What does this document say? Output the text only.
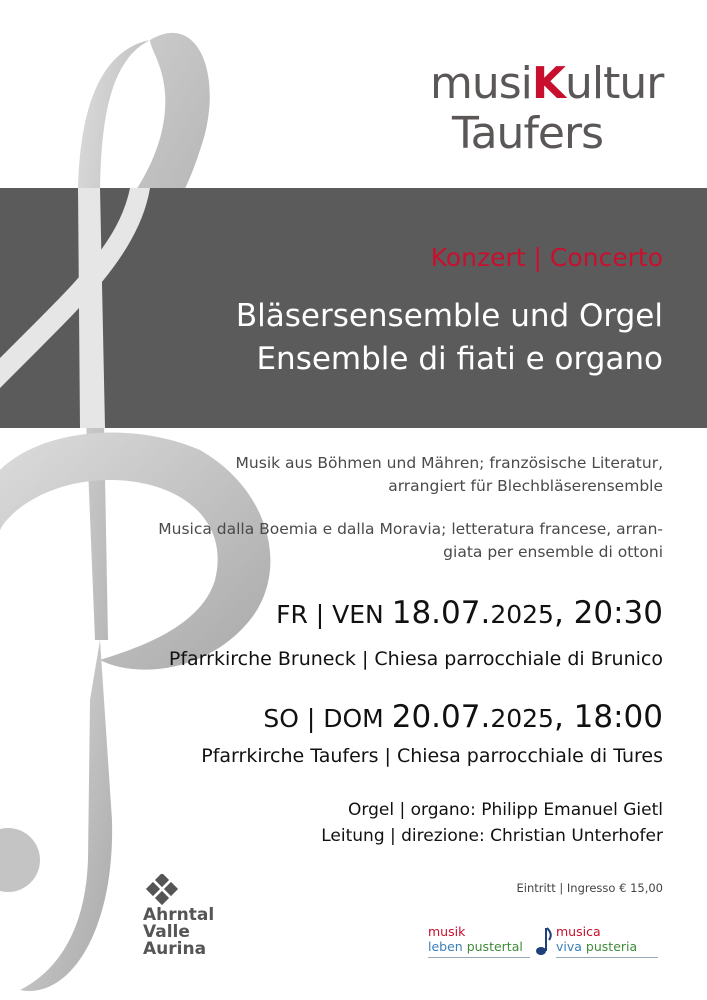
musiKultur
Taufers
Konzert | Concerto
Bläsersensemble und Orgel
Ensemble di fiati e organo
Musik aus Böhmen und Mähren; französische Literatur,
arrangiert für Blechbläserensemble
Musica dalla Boemia e dalla Moravia; letteratura francese, arran-
giata per ensemble di ottoni
FR | VEN 18.07.2025, 20:30
Pfarrkirche Bruneck | Chiesa parrocchiale di Brunico
SO | DOM 20.07.2025, 18:00
Pfarrkirche Taufers | Chiesa parrocchiale di Tures
Orgel | organo: Philipp Emanuel Gietl
Leitung | direzione: Christian Unterhofer
Eintritt | Ingresso € 15,00
Ahrntal
Valle
Aurina
musik
leben pustertal
musica
viva pusteria
